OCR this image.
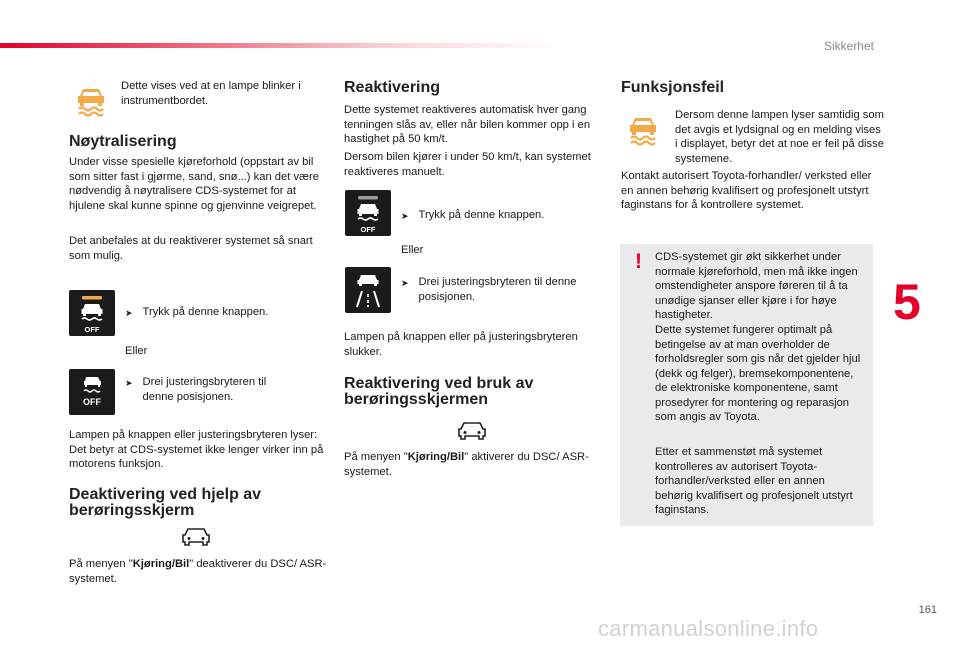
Sikkerhet

Dette vises ved at en lampe blinker i instrumentbordet.

Nøytralisering

Under visse spesielle kjøreforhold (oppstart av bil som sitter fast i gjørme, sand, snø...) kan det være nødvendig å nøytralisere CDS-systemet for at hjulene skal kunne spinne og gjenvinne veigrepet.

Det anbefales at du reaktiverer systemet så snart som mulig.

OFF
➤ Trykk på denne knappen.

Eller

OFF
➤ Drei justeringsbryteren til denne posisjonen.

Lampen på knappen eller justeringsbryteren lyser: Det betyr at CDS-systemet ikke lenger virker inn på motorens funksjon.

Deaktivering ved hjelp av
berøringsskjerm

På menyen "Kjøring/Bil" deaktiverer du DSC/ ASR-systemet.

Reaktivering

Dette systemet reaktiveres automatisk hver gang tenningen slås av, eller når bilen kommer opp i en hastighet på 50 km/t.

Dersom bilen kjører i under 50 km/t, kan systemet reaktiveres manuelt.

OFF
➤ Trykk på denne knappen.

Eller

➤ Drei justeringsbryteren til denne posisjonen.

Lampen på knappen eller på justeringsbryteren slukker.

Reaktivering ved bruk av
berøringsskjermen

På menyen "Kjøring/Bil" aktiverer du DSC/ ASR-systemet.

Funksjonsfeil

Dersom denne lampen lyser samtidig som det avgis et lydsignal og en melding vises i displayet, betyr det at noe er feil på disse systemene.

Kontakt autorisert Toyota-forhandler/ verksted eller en annen behørig kvalifisert og profesjonelt utstyrt faginstans for å kontrollere systemet.

! CDS-systemet gir økt sikkerhet under normale kjøreforhold, men må ikke ingen omstendigheter anspore føreren til å ta unødige sjanser eller kjøre i for høye hastigheter.

Dette systemet fungerer optimalt på betingelse av at man overholder de forholdsregler som gis når det gjelder hjul (dekk og felger), bremsekomponentene, de elektroniske komponentene, samt prosedyrer for montering og reparasjon som angis av Toyota.

Etter et sammenstøt må systemet kontrolleres av autorisert Toyota-forhandler/verksted eller en annen behørig kvalifisert og profesjonelt utstyrt faginstans.

5
161
carmanualsonline.info
